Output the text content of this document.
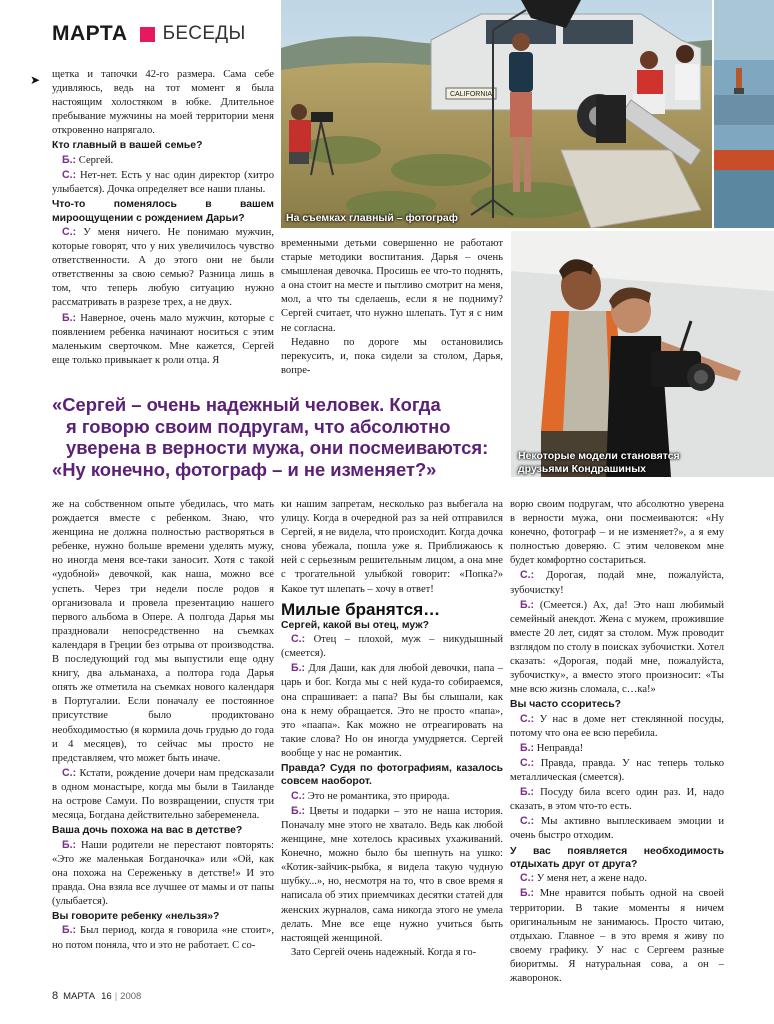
МАРТА БЕСЕДЫ
CALIFORNIA
На съемках главный – фотограф
Некоторые модели становятся
друзьями Кондрашиных
➤ щетка и тапочки 42-го размера. Сама себе удивляюсь, ведь на тот момент я была настоящим холостяком в юбке. Длительное пребывание мужчины на моей территории меня откровенно напрягало.

Кто главный в вашей семье?

Б.: Сергей.

С.: Нет-нет. Есть у нас один директор (хитро улыбается). Дочка определяет все наши планы.

Что-то поменялось в вашем мироощущении с рождением Дарьи?

С.: У меня ничего. Не понимаю мужчин, которые говорят, что у них увеличилось чувство ответственности. А до этого они не были ответственны за свою семью? Разница лишь в том, что теперь любую ситуацию нужно рассматривать в разрезе трех, а не двух.

Б.: Наверное, очень мало мужчин, которые с появлением ребенка начинают носиться с этим маленьким сверточком. Мне кажется, Сергей еще только привыкает к роли отца. Я

временными детьми совершенно не работают старые методики воспитания. Дарья – очень смышленая девочка. Просишь ее что-то поднять, а она стоит на месте и пытливо смотрит на меня, мол, а что ты сделаешь, если я не подниму? Сергей считает, что нужно шлепать. Тут я с ним не согласна.

Недавно по дороге мы остановились перекусить, и, пока сидели за столом, Дарья, вопре-

«Сергей – очень надежный человек. Когда
я говорю своим подругам, что абсолютно
уверена в верности мужа, они посмеиваются:
«Ну конечно, фотограф – и не изменяет?»

же на собственном опыте убедилась, что мать рождается вместе с ребенком. Знаю, что женщина не должна полностью растворяться в ребенке, нужно больше времени уделять мужу, но иногда меня все-таки заносит. Хотя с такой «удобной» девочкой, как наша, можно все успеть. Через три недели после родов я организовала и провела презентацию нашего первого альбома в Опере. А полгода Дарья мы праздновали непосредственно на съемках календаря в Греции без отрыва от производства. В последующий год мы выпустили еще одну книгу, два альманаха, а полтора года Дарья опять же отметила на съемках нового календаря в Португалии. Если поначалу ее постоянное присутствие было продиктовано необходимостью (я кормила дочь грудью до года и 4 месяцев), то сейчас мы просто не представляем, что может быть иначе.

С.: Кстати, рождение дочери нам предсказали в одном монастыре, когда мы были в Таиланде на острове Самуи. По возвращении, спустя три месяца, Богдана действительно забеременела.

Ваша дочь похожа на вас в детстве?

Б.: Наши родители не перестают повторять: «Это же маленькая Богданочка» или «Ой, как она похожа на Сереженьку в детстве!» И это правда. Она взяла все лучшее от мамы и от папы (улыбается).

Вы говорите ребенку «нельзя»?

Б.: Был период, когда я говорила «не стоит», но потом поняла, что и это не работает. С со-

ки нашим запретам, несколько раз выбегала на улицу. Когда в очередной раз за ней отправился Сергей, я не видела, что происходит. Когда дочка снова убежала, пошла уже я. Приближаюсь к ней с серьезным решительным лицом, а она мне с трогательной улыбкой говорит: «Попка?» Какое тут шлепать – хочу в ответ!

Милые бранятся…

Сергей, какой вы отец, муж?

С.: Отец – плохой, муж – никудышный (смеется).

Б.: Для Даши, как для любой девочки, папа – царь и бог. Когда мы с ней куда-то собираемся, она спрашивает: а папа? Вы бы слышали, как она к нему обращается. Это не просто «папа», это «паапа». Как можно не отреагировать на такие слова? Но он иногда умудряется. Сергей вообще у нас не романтик.

Правда? Судя по фотографиям, казалось совсем наоборот.

С.: Это не романтика, это природа.

Б.: Цветы и подарки – это не наша история. Поначалу мне этого не хватало. Ведь как любой женщине, мне хотелось красивых ухаживаний. Конечно, можно было бы шепнуть на ушко: «Котик-зайчик-рыбка, я видела такую чудную шубку...», но, несмотря на то, что в свое время я написала об этих приемчиках десятки статей для женских журналов, сама никогда этого не умела делать. Мне все еще нужно учиться быть настоящей женщиной.

Зато Сергей очень надежный. Когда я го-

ворю своим подругам, что абсолютно уверена в верности мужа, они посмеиваются: «Ну конечно, фотограф – и не изменяет?», а я ему полностью доверяю. С этим человеком мне будет комфортно состариться.

С.: Дорогая, подай мне, пожалуйста, зубочистку!

Б.: (Смеется.) Ах, да! Это наш любимый семейный анекдот. Жена с мужем, прожившие вместе 20 лет, сидят за столом. Муж проводит взглядом по столу в поисках зубочистки. Хотел сказать: «Дорогая, подай мне, пожалуйста, зубочистку», а вместо этого произносит: «Ты мне всю жизнь сломала, с…ка!»

Вы часто ссоритесь?

С.: У нас в доме нет стеклянной посуды, потому что она ее всю перебила.

Б.: Неправда!

С.: Правда, правда. У нас теперь только металлическая (смеется).

Б.: Посуду била всего один раз. И, надо сказать, в этом что-то есть.

С.: Мы активно выплескиваем эмоции и очень быстро отходим.

У вас появляется необходимость отдыхать друг от друга?

С.: У меня нет, а жене надо.

Б.: Мне нравится побыть одной на своей территории. В такие моменты я ничем оригинальным не занимаюсь. Просто читаю, отдыхаю. Главное – в это время я живу по своему графику. У нас с Сергеем разные биоритмы. Я натуральная сова, а он – жаворонок.

8 МАРТА 16 | 2008
